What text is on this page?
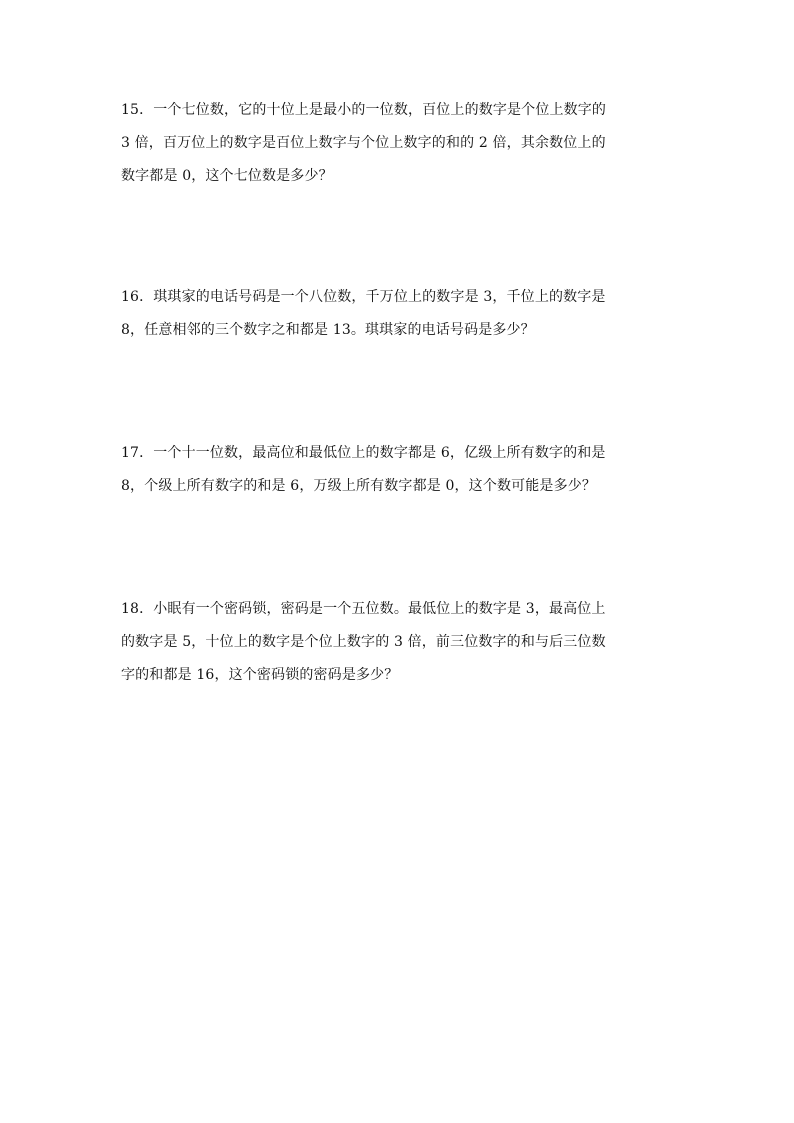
15．一个七位数，它的十位上是最小的一位数，百位上的数字是个位上数字的
3 倍，百万位上的数字是百位上数字与个位上数字的和的 2 倍，其余数位上的
数字都是 0，这个七位数是多少？
16．琪琪家的电话号码是一个八位数，千万位上的数字是 3，千位上的数字是
8，任意相邻的三个数字之和都是 13。琪琪家的电话号码是多少？
17．一个十一位数，最高位和最低位上的数字都是 6，亿级上所有数字的和是
8，个级上所有数字的和是 6，万级上所有数字都是 0，这个数可能是多少？
18．小眠有一个密码锁，密码是一个五位数。最低位上的数字是 3，最高位上
的数字是 5，十位上的数字是个位上数字的 3 倍，前三位数字的和与后三位数
字的和都是 16，这个密码锁的密码是多少？
